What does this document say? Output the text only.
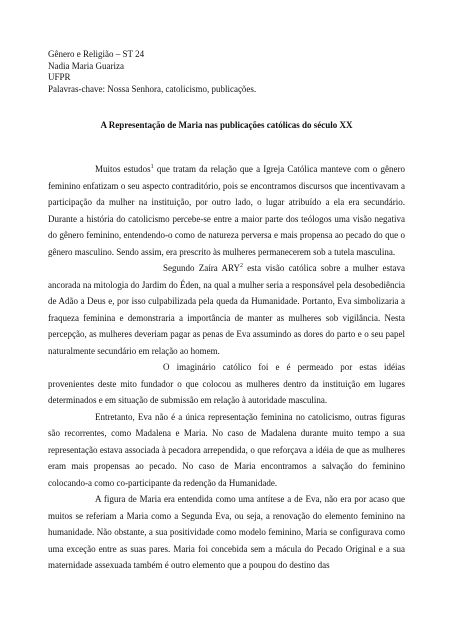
Gênero e Religião – ST 24

Nadia Maria Guariza

UFPR

Palavras-chave: Nossa Senhora, catolicismo, publicações.

A Representação de Maria nas publicações católicas do século XX

Muitos estudos$^1$ que tratam da relação que a Igreja Católica manteve com o gênero feminino enfatizam o seu aspecto contraditório, pois se encontramos discursos que incentivavam a participação da mulher na instituição, por outro lado, o lugar atribuído a ela era secundário. Durante a história do catolicismo percebe-se entre a maior parte dos teólogos uma visão negativa do gênero feminino, entendendo-o como de natureza perversa e mais propensa ao pecado do que o gênero masculino. Sendo assim, era prescrito às mulheres permanecerem sob a tutela masculina.

Segundo Zaíra ARY$^2$ esta visão católica sobre a mulher estava ancorada na mitologia do Jardim do Éden, na qual a mulher seria a responsável pela desobediência de Adão a Deus e, por isso culpabilizada pela queda da Humanidade. Portanto, Eva simbolizaria a fraqueza feminina e demonstraria a importância de manter as mulheres sob vigilância. Nesta percepção, as mulheres deveriam pagar as penas de Eva assumindo as dores do parto e o seu papel naturalmente secundário em relação ao homem.

O imaginário católico foi e é permeado por estas idéias provenientes deste mito fundador o que colocou as mulheres dentro da instituição em lugares determinados e em situação de submissão em relação à autoridade masculina.

Entretanto, Eva não é a única representação feminina no catolicismo, outras figuras são recorrentes, como Madalena e Maria. No caso de Madalena durante muito tempo a sua representação estava associada à pecadora arrependida, o que reforçava a idéia de que as mulheres eram mais propensas ao pecado. No caso de Maria encontramos a salvação do feminino colocando-a como co-participante da redenção da Humanidade.

A figura de Maria era entendida como uma antítese a de Eva, não era por acaso que muitos se referiam a Maria como a Segunda Eva, ou seja, a renovação do elemento feminino na humanidade. Não obstante, a sua positividade como modelo feminino, Maria se configurava como uma exceção entre as suas pares. Maria foi concebida sem a mácula do Pecado Original e a sua maternidade assexuada também é outro elemento que a poupou do destino das
